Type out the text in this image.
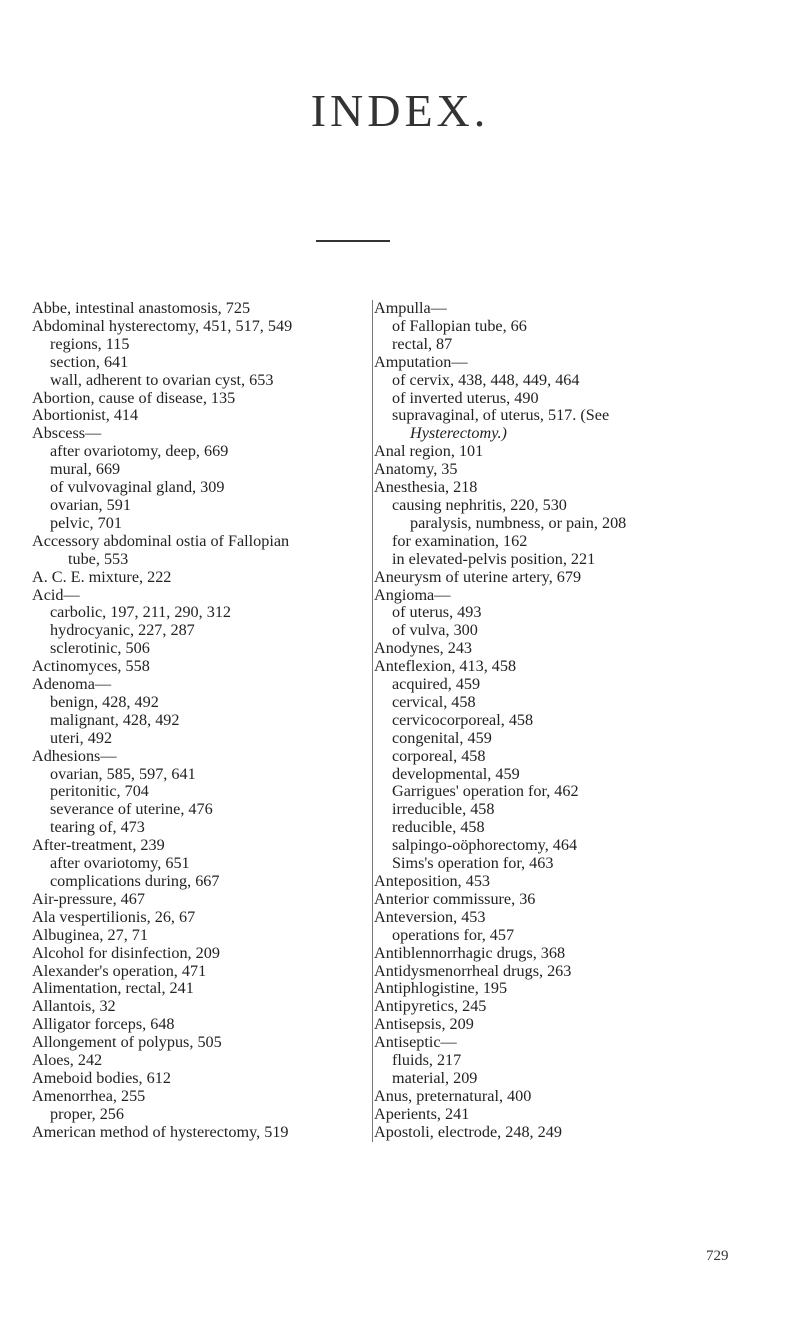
INDEX.
Abbe, intestinal anastomosis, 725
Abdominal hysterectomy, 451, 517, 549
regions, 115
section, 641
wall, adherent to ovarian cyst, 653
Abortion, cause of disease, 135
Abortionist, 414
Abscess—
after ovariotomy, deep, 669
mural, 669
of vulvovaginal gland, 309
ovarian, 591
pelvic, 701
Accessory abdominal ostia of Fallopian
tube, 553
A. C. E. mixture, 222
Acid—
carbolic, 197, 211, 290, 312
hydrocyanic, 227, 287
sclerotinic, 506
Actinomyces, 558
Adenoma—
benign, 428, 492
malignant, 428, 492
uteri, 492
Adhesions—
ovarian, 585, 597, 641
peritonitic, 704
severance of uterine, 476
tearing of, 473
After-treatment, 239
after ovariotomy, 651
complications during, 667
Air-pressure, 467
Ala vespertilionis, 26, 67
Albuginea, 27, 71
Alcohol for disinfection, 209
Alexander's operation, 471
Alimentation, rectal, 241
Allantois, 32
Alligator forceps, 648
Allongement of polypus, 505
Aloes, 242
Ameboid bodies, 612
Amenorrhea, 255
proper, 256
American method of hysterectomy, 519
Ampulla—
of Fallopian tube, 66
rectal, 87
Amputation—
of cervix, 438, 448, 449, 464
of inverted uterus, 490
supravaginal, of uterus, 517. (See
Hysterectomy.)
Anal region, 101
Anatomy, 35
Anesthesia, 218
causing nephritis, 220, 530
paralysis, numbness, or pain, 208
for examination, 162
in elevated-pelvis position, 221
Aneurysm of uterine artery, 679
Angioma—
of uterus, 493
of vulva, 300
Anodynes, 243
Anteflexion, 413, 458
acquired, 459
cervical, 458
cervicocorporeal, 458
congenital, 459
corporeal, 458
developmental, 459
Garrigues' operation for, 462
irreducible, 458
reducible, 458
salpingo-oöphorectomy, 464
Sims's operation for, 463
Anteposition, 453
Anterior commissure, 36
Anteversion, 453
operations for, 457
Antiblennorrhagic drugs, 368
Antidysmenorrheal drugs, 263
Antiphlogistine, 195
Antipyretics, 245
Antisepsis, 209
Antiseptic—
fluids, 217
material, 209
Anus, preternatural, 400
Aperients, 241
Apostoli, electrode, 248, 249
729
